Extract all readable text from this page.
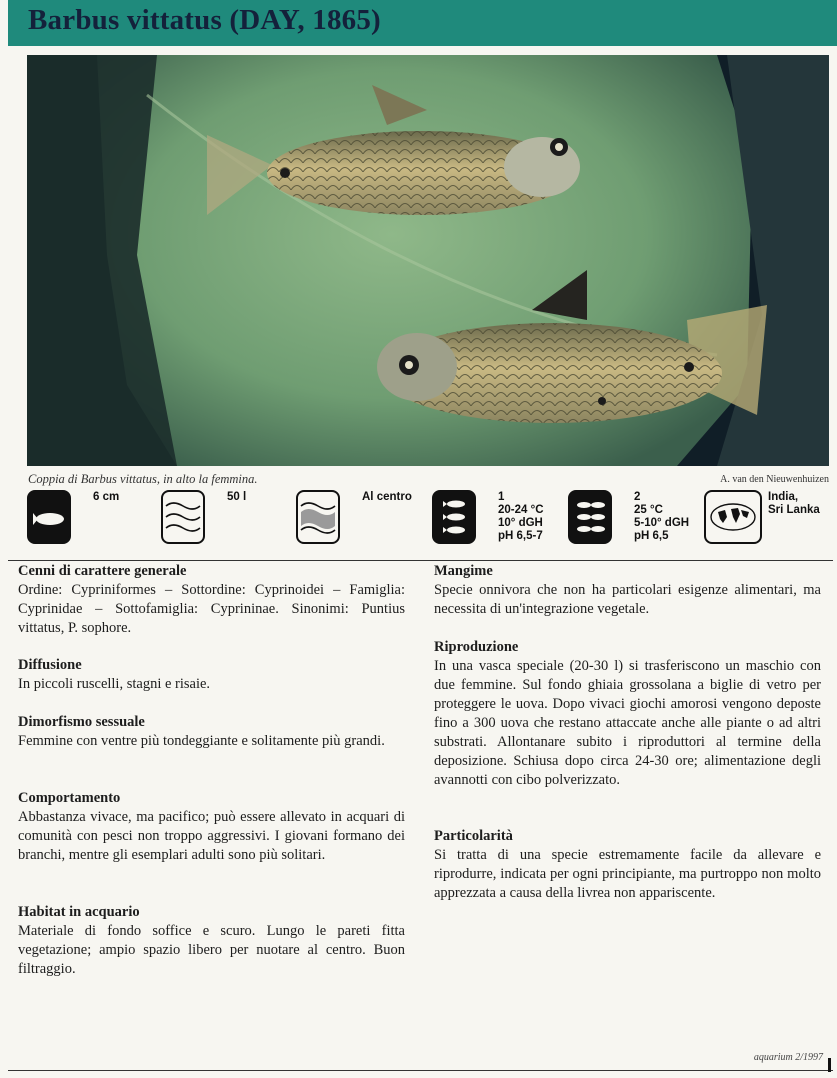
Barbus vittatus (DAY, 1865)
Coppia di Barbus vittatus, in alto la femmina.	A. van den Nieuwenhuizen
6 cm	50 l	Al centro	1
20-24 °C
10° dGH
pH 6,5-7
2
25 °C
5-10° dGH
pH 6,5
India,
Sri Lanka
Cenni di carattere generale

Ordine: Cypriniformes – Sottordine: Cyprinoidei – Famiglia: Cyprinidae – Sottofamiglia: Cyprininae. Sinonimi: Puntius vittatus, P. sophore.

Diffusione

In piccoli ruscelli, stagni e risaie.

Dimorfismo sessuale

Femmine con ventre più tondeggiante e solitamente più grandi.

Comportamento

Abbastanza vivace, ma pacifico; può essere allevato in acquari di comunità con pesci non troppo aggressivi. I giovani formano dei branchi, mentre gli esemplari adulti sono più solitari.

Habitat in acquario

Materiale di fondo soffice e scuro. Lungo le pareti fitta vegetazione; ampio spazio libero per nuotare al centro. Buon filtraggio.

Mangime

Specie onnivora che non ha particolari esigenze alimentari, ma necessita di un'integrazione vegetale.

Riproduzione

In una vasca speciale (20-30 l) si trasferiscono un maschio con due femmine. Sul fondo ghiaia grossolana a biglie di vetro per proteggere le uova. Dopo vivaci giochi amorosi vengono deposte fino a 300 uova che restano attaccate anche alle piante o ad altri substrati. Allontanare subito i riproduttori al termine della deposizione. Schiusa dopo circa 24-30 ore; alimentazione degli avannotti con cibo polverizzato.

Particolarità

Si tratta di una specie estremamente facile da allevare e riprodurre, indicata per ogni principiante, ma purtroppo non molto apprezzata a causa della livrea non appariscente.

aquarium 2/1997
